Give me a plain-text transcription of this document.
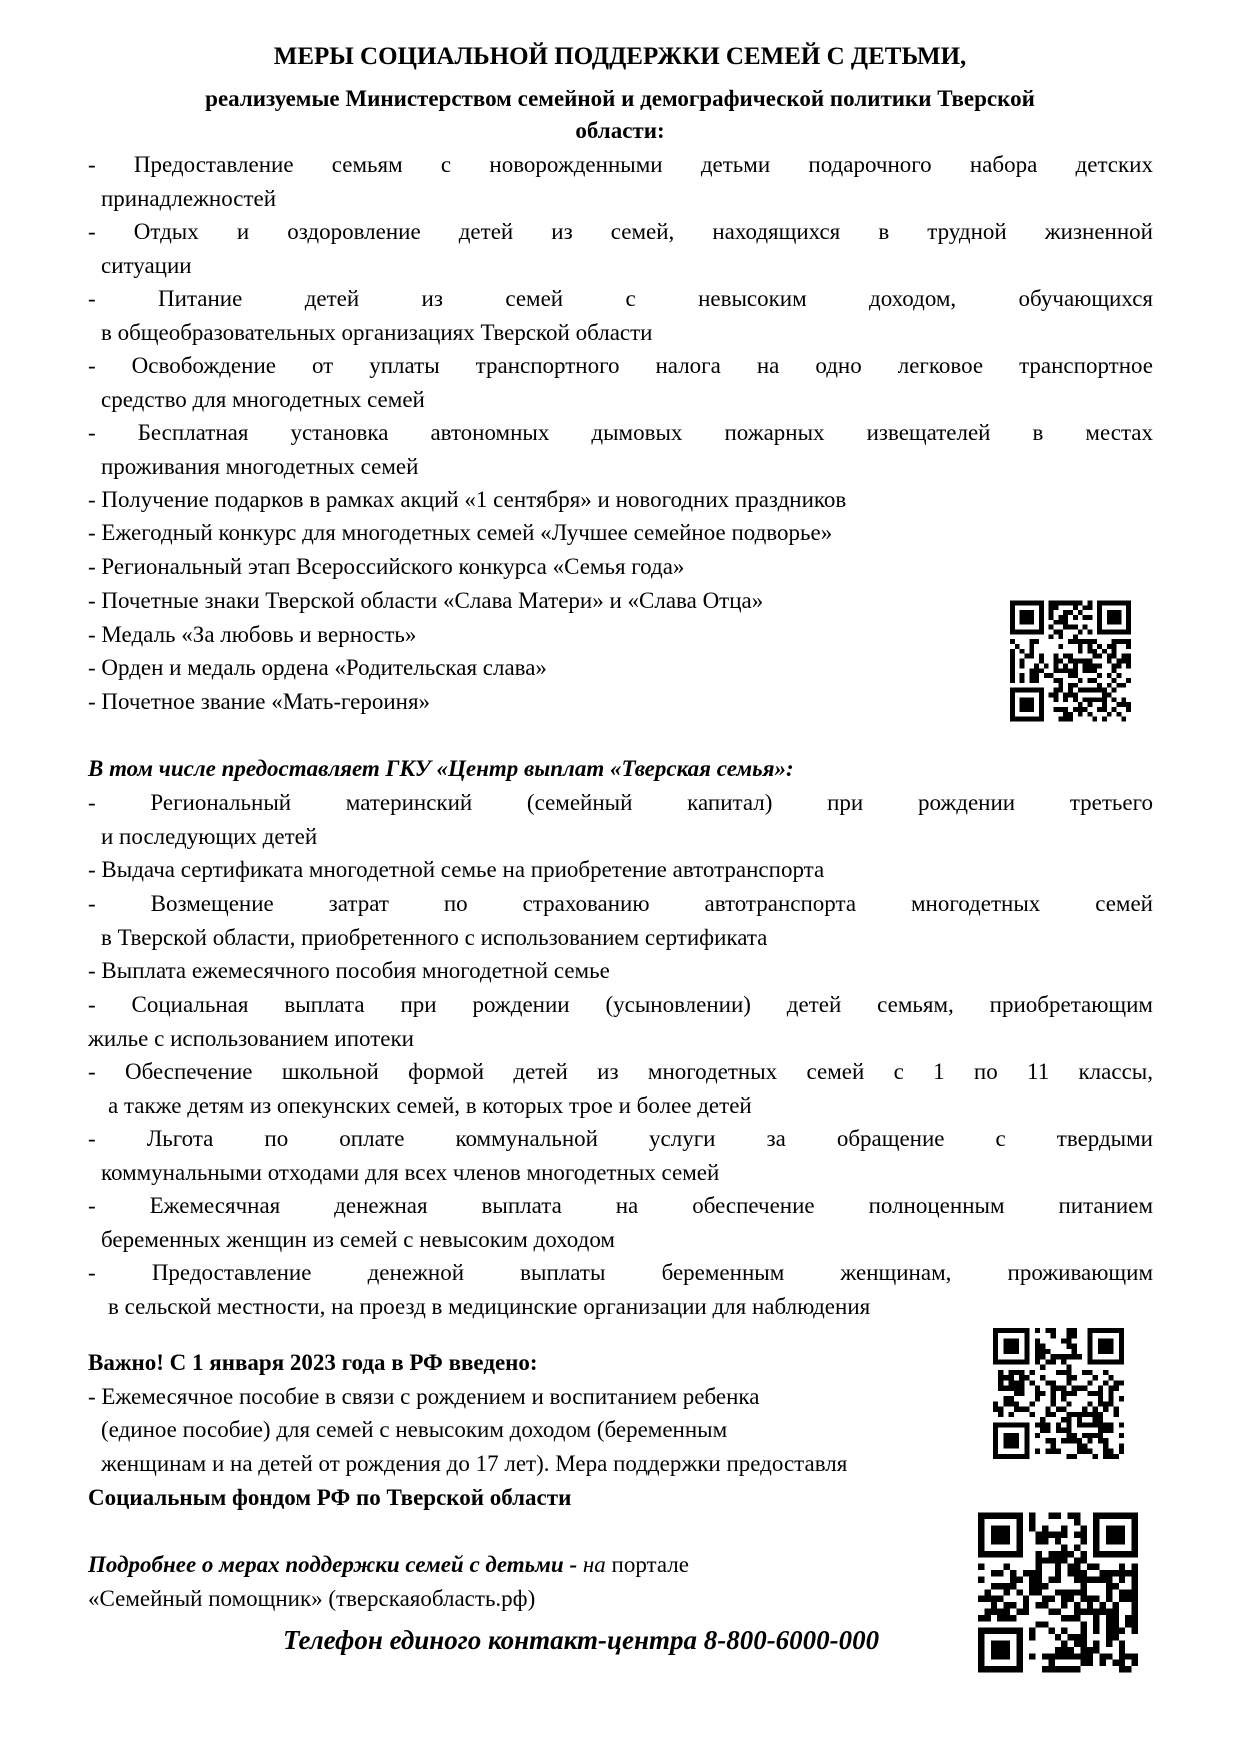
МЕРЫ СОЦИАЛЬНОЙ ПОДДЕРЖКИ СЕМЕЙ С ДЕТЬМИ,
реализуемые Министерством семейной и демографической политики Тверской
области:
- Предоставление семьям с новорожденными детьми подарочного набора детских
принадлежностей
- Отдых и оздоровление детей из семей, находящихся в трудной жизненной
ситуации
- Питание детей из семей с невысоким доходом, обучающихся
в общеобразовательных организациях Тверской области
- Освобождение от уплаты транспортного налога на одно легковое транспортное
средство для многодетных семей
- Бесплатная установка автономных дымовых пожарных извещателей в местах
проживания многодетных семей
- Получение подарков в рамках акций «1 сентября» и новогодних праздников
- Ежегодный конкурс для многодетных семей «Лучшее семейное подворье»
- Региональный этап Всероссийского конкурса «Семья года»
- Почетные знаки Тверской области «Слава Матери» и «Слава Отца»
- Медаль «За любовь и верность»
- Орден и медаль ордена «Родительская слава»
- Почетное звание «Мать-героиня»
В том числе предоставляет ГКУ «Центр выплат «Тверская семья»:
- Региональный материнский (семейный капитал) при рождении третьего
и последующих детей
- Выдача сертификата многодетной семье на приобретение автотранспорта
- Возмещение затрат по страхованию автотранспорта многодетных семей
в Тверской области, приобретенного с использованием сертификата
- Выплата ежемесячного пособия многодетной семье
- Социальная выплата при рождении (усыновлении) детей семьям, приобретающим
жилье с использованием ипотеки
- Обеспечение школьной формой детей из многодетных семей с 1 по 11 классы,
а также детям из опекунских семей, в которых трое и более детей
- Льгота по оплате коммунальной услуги за обращение с твердыми
коммунальными отходами для всех членов многодетных семей
- Ежемесячная денежная выплата на обеспечение полноценным питанием
беременных женщин из семей с невысоким доходом
- Предоставление денежной выплаты беременным женщинам, проживающим
в сельской местности, на проезд в медицинские организации для наблюдения
Важно! С 1 января 2023 года в РФ введено:
- Ежемесячное пособие в связи с рождением и воспитанием ребенка
(единое пособие) для семей с невысоким доходом (беременным
женщинам и на детей от рождения до 17 лет). Мера поддержки предоставля
Социальным фондом РФ по Тверской области
Подробнее о мерах поддержки семей с детьми - на портале
«Семейный помощник» (тверскаяобласть.рф)
Телефон единого контакт-центра 8-800-6000-000
